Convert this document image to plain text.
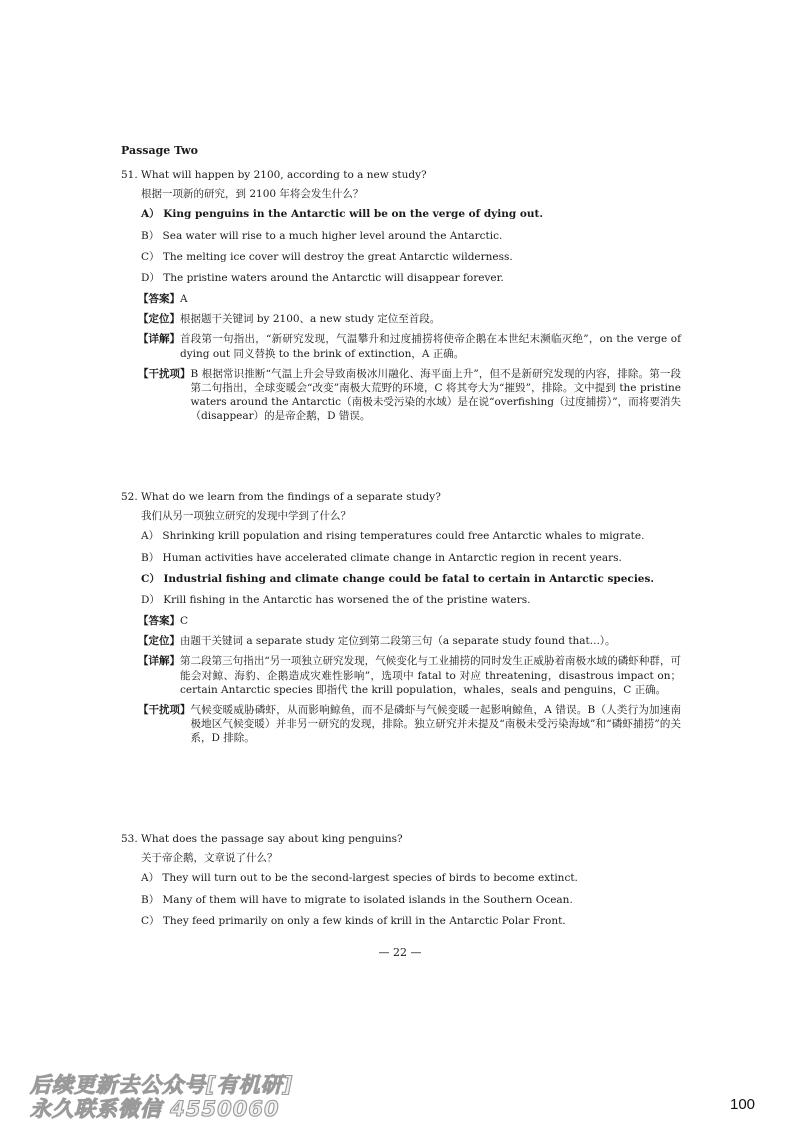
Passage Two

51. What will happen by 2100, according to a new study?

根据一项新的研究，到 2100 年将会发生什么？

A） King penguins in the Antarctic will be on the verge of dying out.
B） Sea water will rise to a much higher level around the Antarctic.
C） The melting ice cover will destroy the great Antarctic wilderness.
D） The pristine waters around the Antarctic will disappear forever.
【答案】 A
【定位】 根据题干关键词 by 2100、a new study 定位至首段。
【详解】 首段第一句指出，“新研究发现，气温攀升和过度捕捞将使帝企鹅在本世纪末濒临灭绝”，on the verge of dying out 同义替换 to the brink of extinction，A 正确。
【干扰项】 B 根据常识推断“气温上升会导致南极冰川融化、海平面上升”，但不是新研究发现的内容，排除。第一段第二句指出，全球变暖会“改变”南极大荒野的环境，C 将其夸大为“摧毁”，排除。文中提到 the pristine waters around the Antarctic（南极未受污染的水域）是在说“overfishing（过度捕捞）”，而将要消失（disappear）的是帝企鹅，D 错误。

52. What do we learn from the findings of a separate study?

我们从另一项独立研究的发现中学到了什么？

A） Shrinking krill population and rising temperatures could free Antarctic whales to migrate.
B） Human activities have accelerated climate change in Antarctic region in recent years.
C） Industrial fishing and climate change could be fatal to certain in Antarctic species.
D） Krill fishing in the Antarctic has worsened the of the pristine waters.
【答案】 C
【定位】 由题干关键词 a separate study 定位到第二段第三句（a separate study found that...）。
【详解】 第二段第三句指出“另一项独立研究发现，气候变化与工业捕捞的同时发生正威胁着南极水域的磷虾种群，可能会对鲸、海豹、企鹅造成灾难性影响”，选项中 fatal to 对应 threatening，disastrous impact on；certain Antarctic species 即指代 the krill population，whales，seals and penguins，C 正确。
【干扰项】 气候变暖威胁磷虾，从而影响鲸鱼，而不是磷虾与气候变暖一起影响鲸鱼，A 错误。B（人类行为加速南极地区气候变暖）并非另一研究的发现，排除。独立研究并未提及“南极未受污染海域”和“磷虾捕捞”的关系，D 排除。

53. What does the passage say about king penguins?

关于帝企鹅，文章说了什么？

A） They will turn out to be the second-largest species of birds to become extinct.
B） Many of them will have to migrate to isolated islands in the Southern Ocean.
C） They feed primarily on only a few kinds of krill in the Antarctic Polar Front.
— 22 —
后续更新去公众号[有机研]
永久联系微信 4550060	100
